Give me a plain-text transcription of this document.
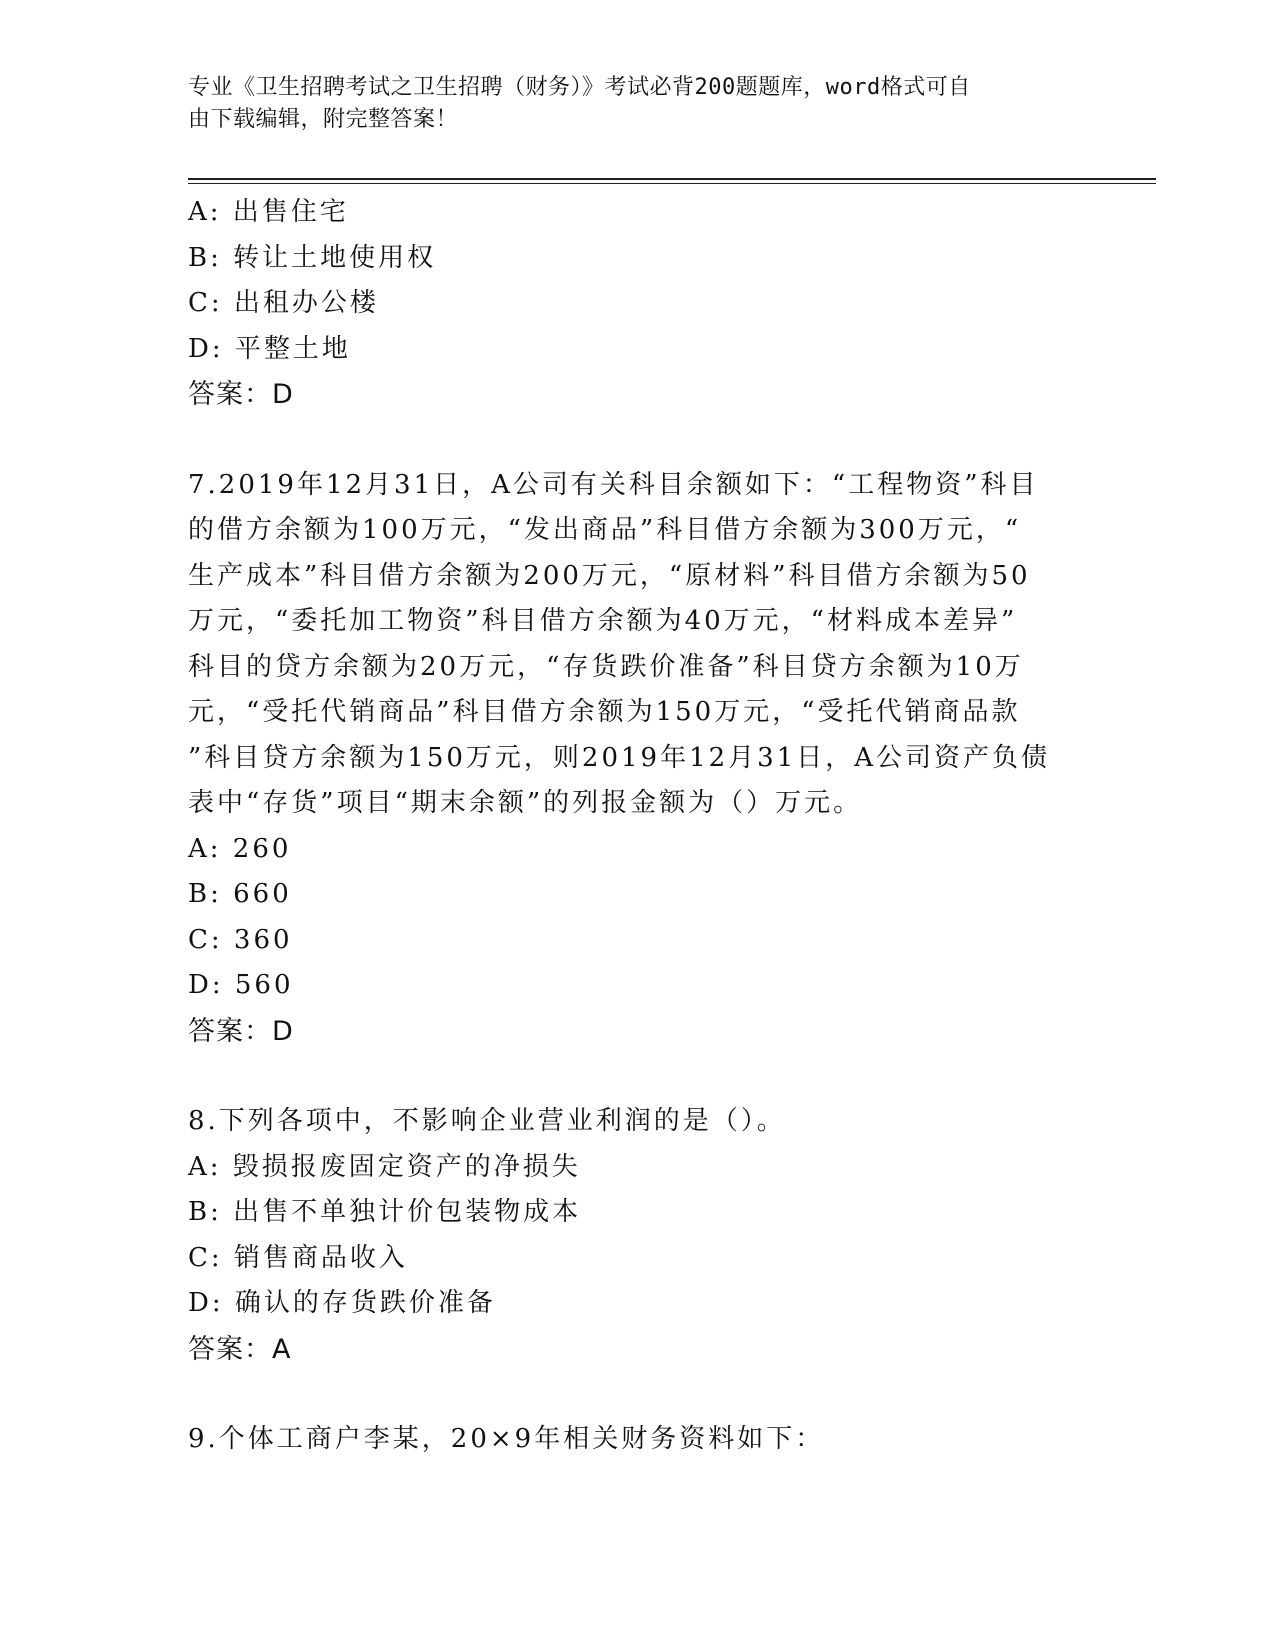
专业《卫生招聘考试之卫生招聘（财务）》考试必背200题题库，word格式可自
由下载编辑，附完整答案！
A: 出售住宅
B: 转让土地使用权
C: 出租办公楼
D: 平整土地
答案：D
7.2019年12月31日，A公司有关科目余额如下：“工程物资”科目
的借方余额为100万元，“发出商品”科目借方余额为300万元，“
生产成本”科目借方余额为200万元，“原材料”科目借方余额为50
万元，“委托加工物资”科目借方余额为40万元，“材料成本差异”
科目的贷方余额为20万元，“存货跌价准备”科目贷方余额为10万
元，“受托代销商品”科目借方余额为150万元，“受托代销商品款
”科目贷方余额为150万元，则2019年12月31日，A公司资产负债
表中“存货”项目“期末余额”的列报金额为（）万元。
A: 260
B: 660
C: 360
D: 560
答案：D
8.下列各项中，不影响企业营业利润的是（）。
A: 毁损报废固定资产的净损失
B: 出售不单独计价包装物成本
C: 销售商品收入
D: 确认的存货跌价准备
答案：A
9.个体工商户李某，20×9年相关财务资料如下：
